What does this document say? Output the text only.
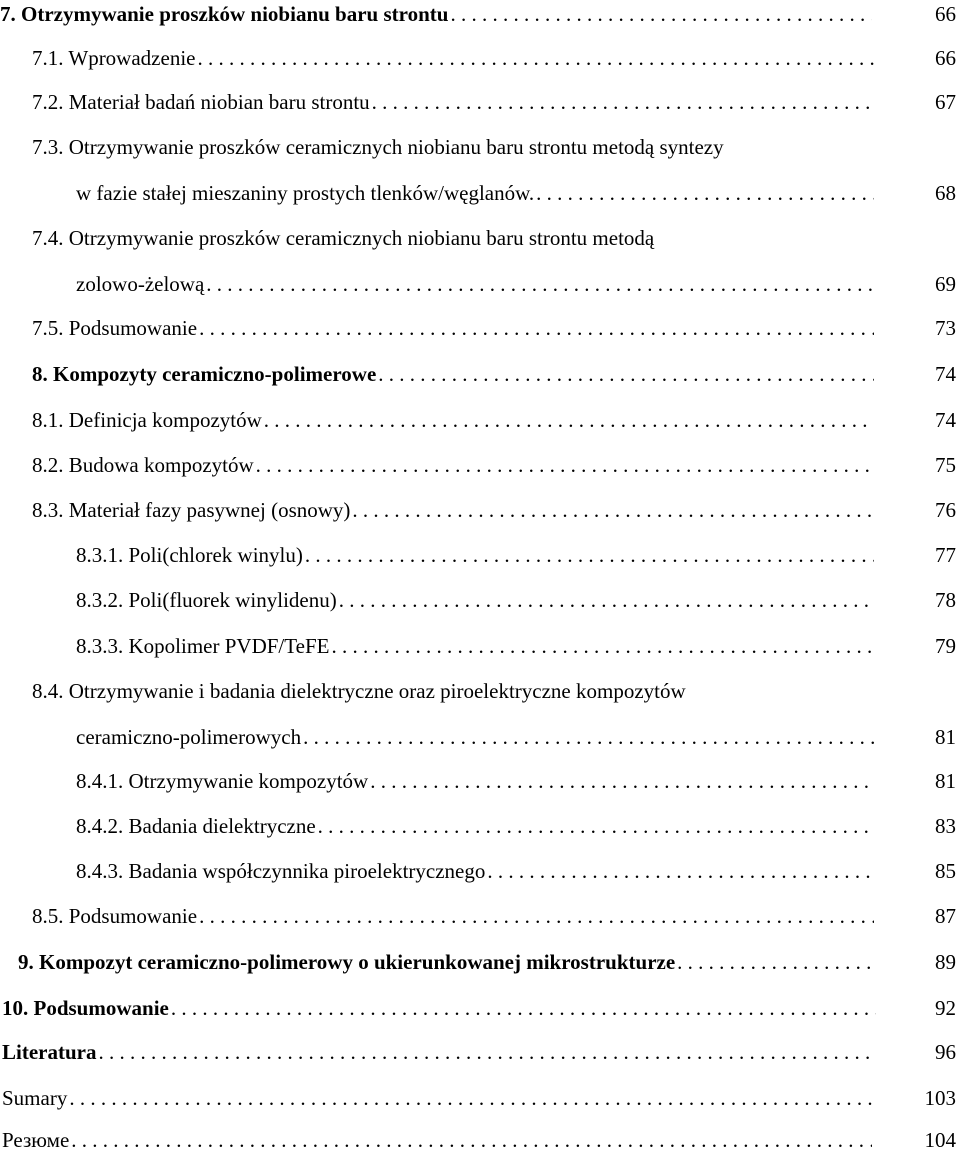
7. Otrzymywanie proszków niobianu baru strontu . . .	66
7.1. Wprowadzenie . . .	66
7.2. Materiał badań niobian baru strontu . . .	67
7.3. Otrzymywanie proszków ceramicznych niobianu baru strontu metodą syntezy
w fazie stałej mieszaniny prostych tlenków/węglanów. . . .	68
7.4. Otrzymywanie proszków ceramicznych niobianu baru strontu metodą
zolowo-żelową . . .	69
7.5. Podsumowanie . . .	73
8. Kompozyty ceramiczno-polimerowe . . .	74
8.1. Definicja kompozytów . . .	74
8.2. Budowa kompozytów . . .	75
8.3. Materiał fazy pasywnej (osnowy) . . .	76
8.3.1. Poli(chlorek winylu) . . .	77
8.3.2. Poli(fluorek winylidenu) . . .	78
8.3.3. Kopolimer PVDF/TeFE . . .	79
8.4. Otrzymywanie i badania dielektryczne oraz piroelektryczne kompozytów
ceramiczno-polimerowych . . .	81
8.4.1. Otrzymywanie kompozytów . . .	81
8.4.2. Badania dielektryczne . . .	83
8.4.3. Badania współczynnika piroelektrycznego . . .	85
8.5. Podsumowanie . . .	87
9. Kompozyt ceramiczno-polimerowy o ukierunkowanej mikrostrukturze . . .	89
10. Podsumowanie . . .	92
Literatura . . .	96
Sumary . . .	103
Резюме . . .	104
